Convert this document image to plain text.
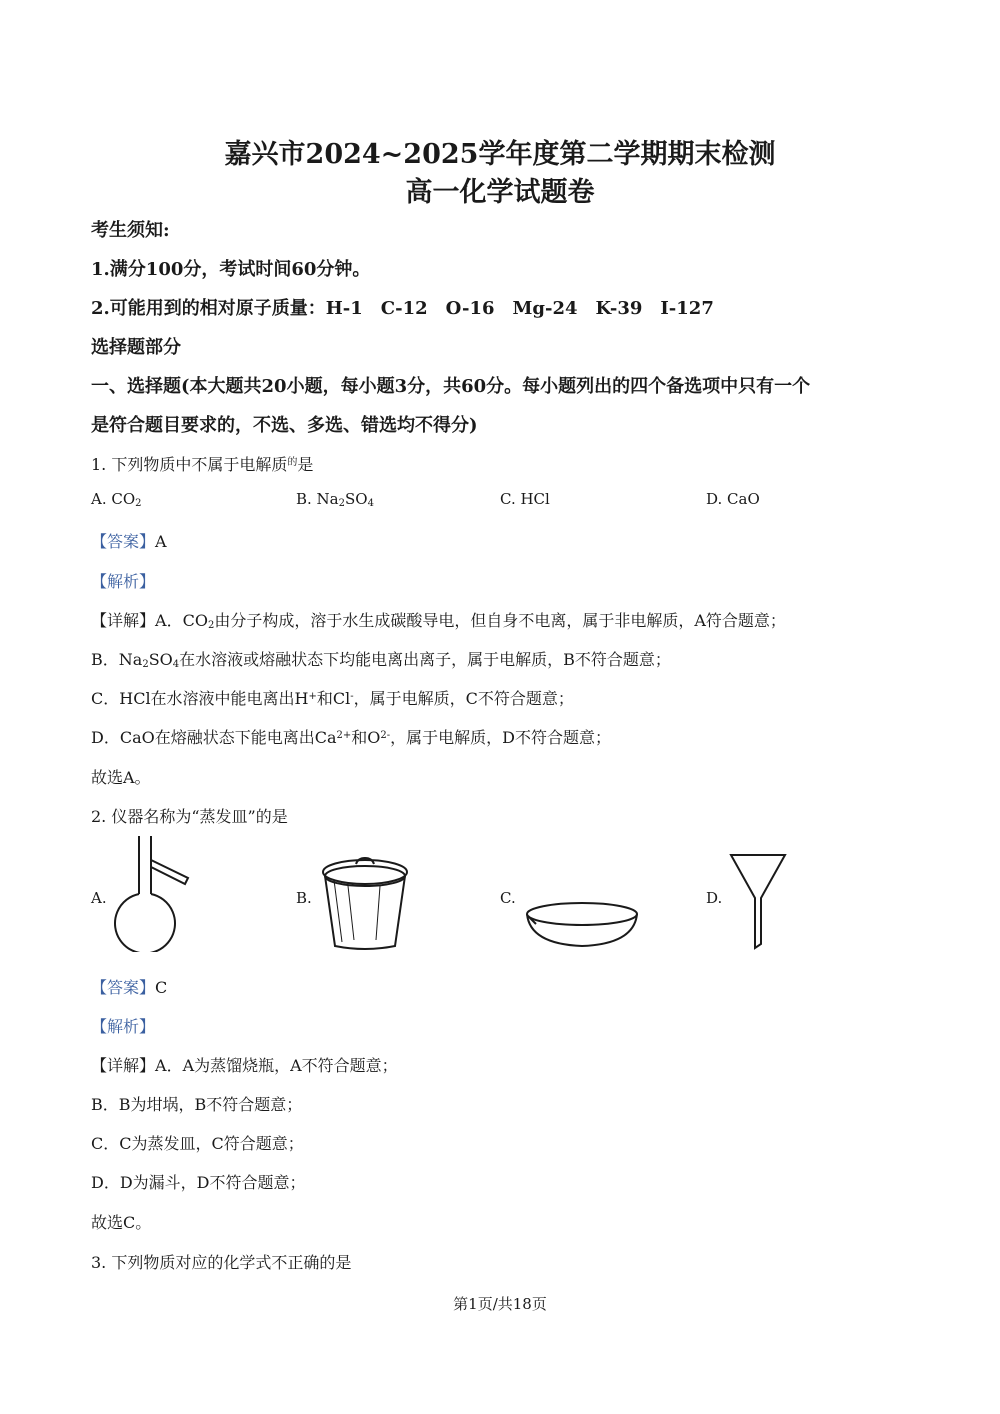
嘉兴市2024~2025学年度第二学期期末检测
高一化学试题卷
考生须知:
1.满分100分，考试时间60分钟。
2.可能用到的相对原子质量：H-1　C-12　O-16　Mg-24　K-39　I-127
选择题部分
一、选择题(本大题共20小题，每小题3分，共60分。每小题列出的四个备选项中只有一个
是符合题目要求的，不选、多选、错选均不得分)
1. 下列物质中不属于电解质$^的$是
A. $CO_2$	B. $Na_2SO_4$	C. HCl	D. CaO
【答案】A
【解析】
【详解】A．$CO_2$由分子构成，溶于水生成碳酸导电，但自身不电离，属于非电解质，A符合题意；
B．$Na_2SO_4$在水溶液或熔融状态下均能电离出离子，属于电解质，B不符合题意；
C．HCl在水溶液中能电离出H+和Cl-，属于电解质，C不符合题意；
D．CaO在熔融状态下能电离出$Ca^{2+}$和$O^{2-}$，属于电解质，D不符合题意；
故选A。
2. 仪器名称为“蒸发皿”的是
A.	B.	C.	D.
【答案】C
【解析】
【详解】A．A为蒸馏烧瓶，A不符合题意；
B．B为坩埚，B不符合题意；
C．C为蒸发皿，C符合题意；
D．D为漏斗，D不符合题意；
故选C。
3. 下列物质对应的化学式不正确的是
第1页/共18页
